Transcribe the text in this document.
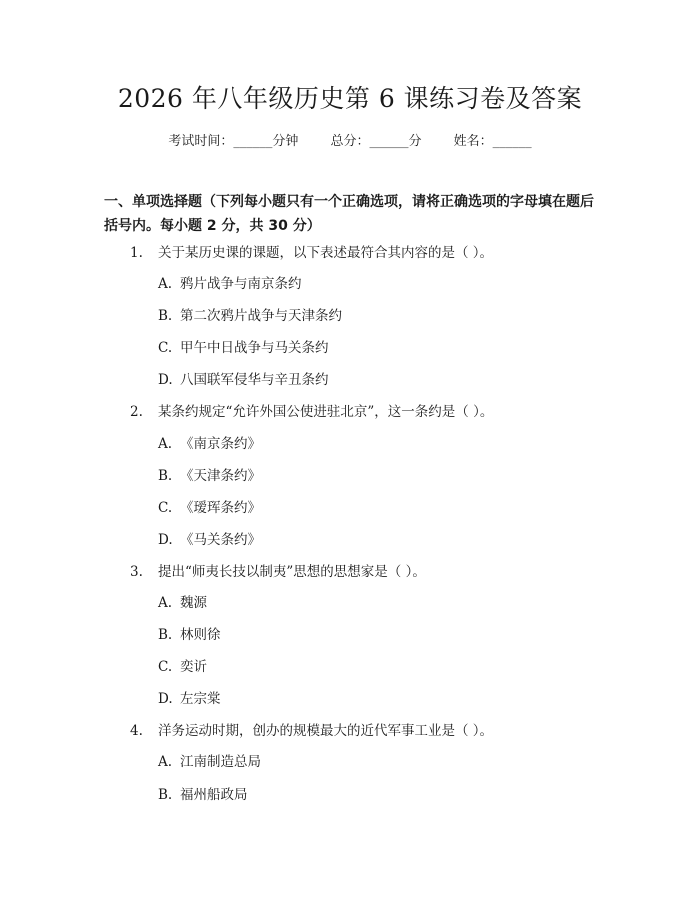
2026 年八年级历史第 6 课练习卷及答案
考试时间：______分钟 总分：______分 姓名：______
一、单项选择题（下列每小题只有一个正确选项，请将正确选项的字母填在题后括号内。每小题 2 分，共 30 分）
1. 关于某历史课的课题，以下表述最符合其内容的是（ ）。
A. 鸦片战争与南京条约
B. 第二次鸦片战争与天津条约
C. 甲午中日战争与马关条约
D. 八国联军侵华与辛丑条约
2. 某条约规定“允许外国公使进驻北京”，这一条约是（ ）。
A. 《南京条约》
B. 《天津条约》
C. 《瑷珲条约》
D. 《马关条约》
3. 提出“师夷长技以制夷”思想的思想家是（ ）。
A. 魏源
B. 林则徐
C. 奕䜣
D. 左宗棠
4. 洋务运动时期，创办的规模最大的近代军事工业是（ ）。
A. 江南制造总局
B. 福州船政局
